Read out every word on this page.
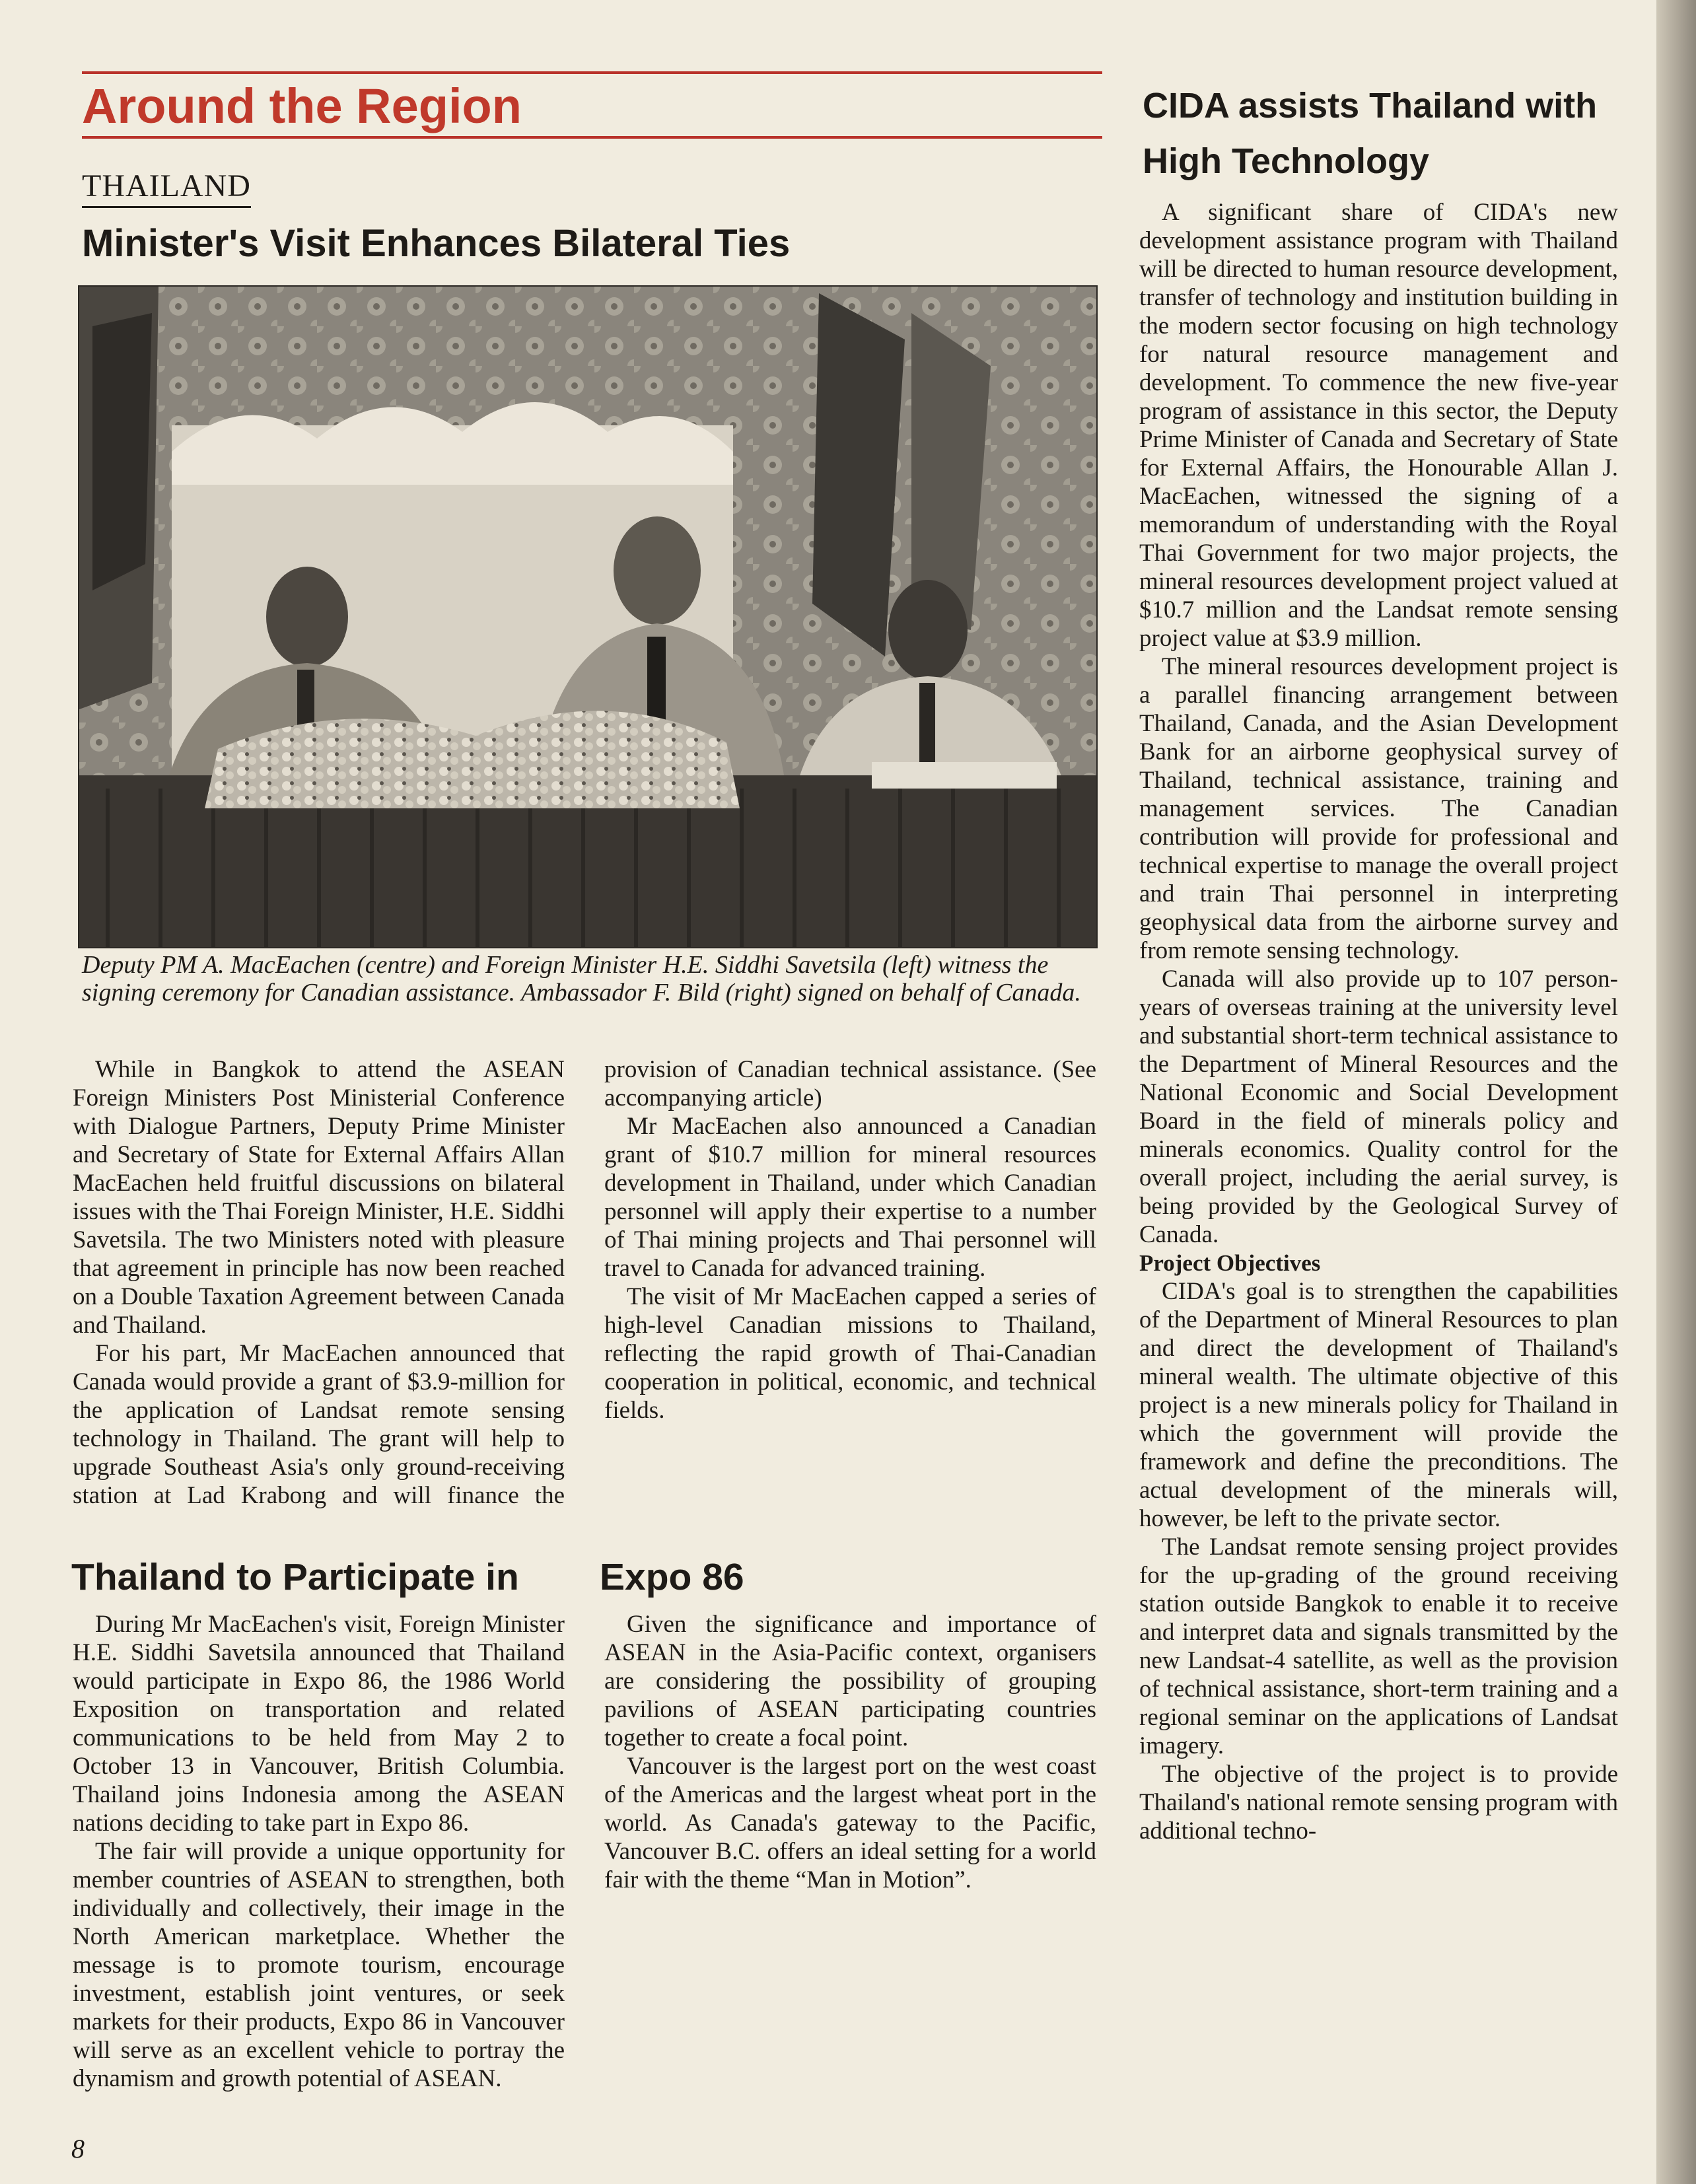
Around the Region
THAILAND
Minister's Visit Enhances Bilateral Ties
Deputy PM A. MacEachen (centre) and Foreign Minister H.E. Siddhi Savetsila (left) witness the signing ceremony for Canadian assistance. Ambassador F. Bild (right) signed on behalf of Canada.

While in Bangkok to attend the ASEAN Foreign Ministers Post Ministerial Conference with Dialogue Partners, Deputy Prime Minister and Secretary of State for External Affairs Allan MacEachen held fruitful discussions on bilateral issues with the Thai Foreign Minister, H.E. Siddhi Savetsila. The two Ministers noted with pleasure that agreement in principle has now been reached on a Double Taxation Agreement between Canada and Thailand.

For his part, Mr MacEachen announced that Canada would provide a grant of $3.9-million for the application of Landsat remote sensing technology in Thailand. The grant will help to upgrade Southeast Asia's only ground-receiving station at Lad Krabong and will finance the provision of Canadian technical assistance. (See accompanying article)

Mr MacEachen also announced a Canadian grant of $10.7 million for mineral resources development in Thailand, under which Canadian personnel will apply their expertise to a number of Thai mining projects and Thai personnel will travel to Canada for advanced training.

The visit of Mr MacEachen capped a series of high-level Canadian missions to Thailand, reflecting the rapid growth of Thai-Canadian cooperation in political, economic, and technical fields.

Thailand to Participate in Expo 86

During Mr MacEachen's visit, Foreign Minister H.E. Siddhi Savetsila announced that Thailand would participate in Expo 86, the 1986 World Exposition on transportation and related communications to be held from May 2 to October 13 in Vancouver, British Columbia. Thailand joins Indonesia among the ASEAN nations deciding to take part in Expo 86.

The fair will provide a unique opportunity for member countries of ASEAN to strengthen, both individually and collectively, their image in the North American marketplace. Whether the message is to promote tourism, encourage investment, establish joint ventures, or seek markets for their products, Expo 86 in Vancouver will serve as an excellent vehicle to portray the dynamism and growth potential of ASEAN.

Given the significance and importance of ASEAN in the Asia-Pacific context, organisers are considering the possibility of grouping pavilions of ASEAN participating countries together to create a focal point.

Vancouver is the largest port on the west coast of the Americas and the largest wheat port in the world. As Canada's gateway to the Pacific, Vancouver B.C. offers an ideal setting for a world fair with the theme “Man in Motion”.

CIDA assists Thailand with High Technology

A significant share of CIDA's new development assistance program with Thailand will be directed to human resource development, transfer of technology and institution building in the modern sector focusing on high technology for natural resource management and development. To commence the new five-year program of assistance in this sector, the Deputy Prime Minister of Canada and Secretary of State for External Affairs, the Honourable Allan J. MacEachen, witnessed the signing of a memorandum of understanding with the Royal Thai Government for two major projects, the mineral resources development project valued at $10.7 million and the Landsat remote sensing project value at $3.9 million.

The mineral resources development project is a parallel financing arrangement between Thailand, Canada, and the Asian Development Bank for an airborne geophysical survey of Thailand, technical assistance, training and management services. The Canadian contribution will provide for professional and technical expertise to manage the overall project and train Thai personnel in interpreting geophysical data from the airborne survey and from remote sensing technology.

Canada will also provide up to 107 person-years of overseas training at the university level and substantial short-term technical assistance to the Department of Mineral Resources and the National Economic and Social Development Board in the field of minerals policy and minerals economics. Quality control for the overall project, including the aerial survey, is being provided by the Geological Survey of Canada.

Project Objectives

CIDA's goal is to strengthen the capabilities of the Department of Mineral Resources to plan and direct the development of Thailand's mineral wealth. The ultimate objective of this project is a new minerals policy for Thailand in which the government will provide the framework and define the preconditions. The actual development of the minerals will, however, be left to the private sector.

The Landsat remote sensing project provides for the up-grading of the ground receiving station outside Bangkok to enable it to receive and interpret data and signals transmitted by the new Landsat-4 satellite, as well as the provision of technical assistance, short-term training and a regional seminar on the applications of Landsat imagery.

The objective of the project is to provide Thailand's national remote sensing program with additional techno-

8
